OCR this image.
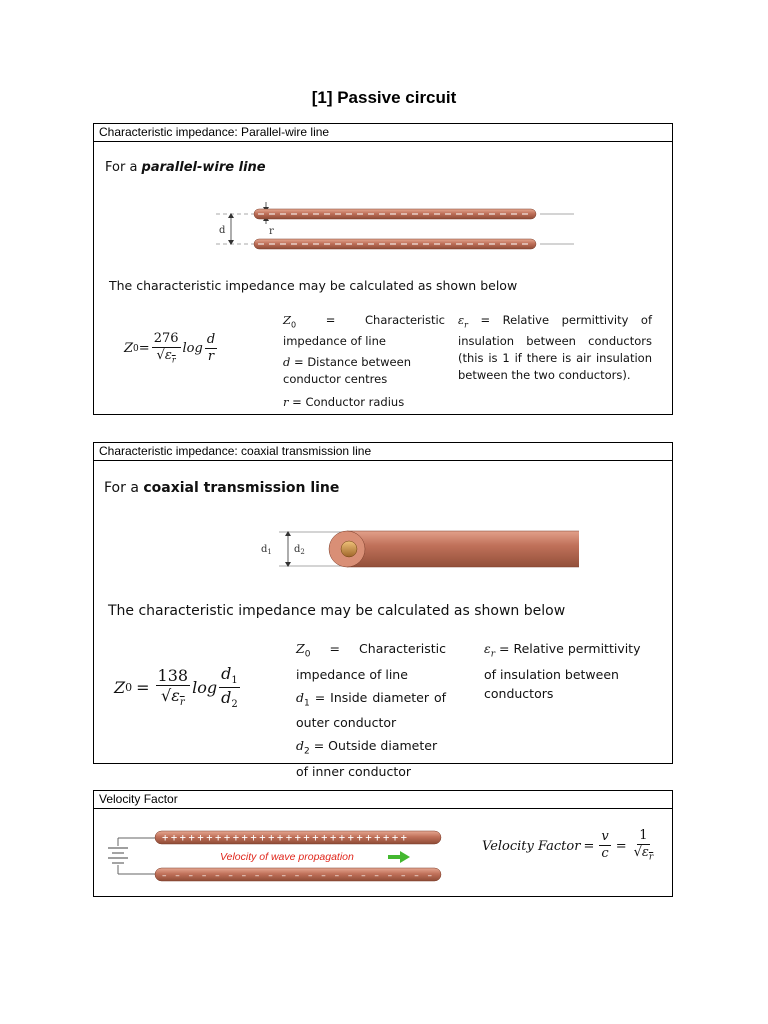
[1] Passive circuit
Characteristic impedance: Parallel-wire line
For a parallel-wire line
d	r
The characteristic impedance may be calculated as shown below
Z $0 = \frac{276}{√\varepsilon_r}$ $\log \frac{d}{r}$
$Z_0$	= Characteristic impedance of line
d = Distance between conductor centres
r = Conductor radius
$\varepsilon_r$ = Relative permittivity of insulation between conductors (this is 1 if there is air insulation between the two conductors).
Characteristic impedance: coaxial transmission line
For a coaxial transmission line
$d_1$ $d_2$
The characteristic impedance may be calculated as shown below
Z $0 = \frac{138}{√\varepsilon_r}$ $\log \frac{d_1}{d_2}$
$Z_0$ = Characteristic impedance of line
$d_1$ = Inside diameter of outer conductor
$d_2$ = Outside diameter of inner conductor
$\varepsilon_r$ = Relative permittivity of insulation between conductors
Velocity Factor
++++++++++++++++++++++++++++
– – – – – – – – – – – – – – – – – – – – –
Velocity of wave propagation
Velocity Factor = $\frac{v}{c} = \frac{1}{√\varepsilon_r}$
